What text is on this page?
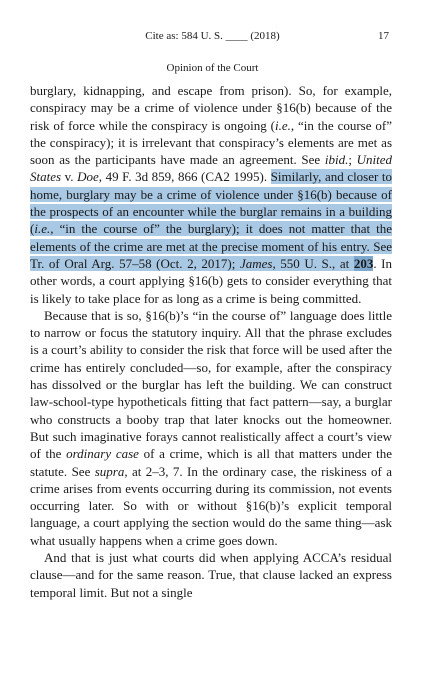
Cite as: 584 U. S. ____ (2018)	17
Opinion of the Court

burglary, kidnapping, and escape from prison). So, for example, conspiracy may be a crime of violence under §16(b) because of the risk of force while the conspiracy is ongoing (i.e., “in the course of” the conspiracy); it is irrelevant that conspiracy’s elements are met as soon as the participants have made an agreement. See ibid.; United States v. Doe, 49 F. 3d 859, 866 (CA2 1995). Similarly, and closer to home, burglary may be a crime of violence under §16(b) because of the prospects of an encounter while the burglar remains in a building (i.e., “in the course of” the burglary); it does not matter that the elements of the crime are met at the precise moment of his entry. See Tr. of Oral Arg. 57–58 (Oct. 2, 2017); James, 550 U. S., at 203. In other words, a court applying §16(b) gets to consider everything that is likely to take place for as long as a crime is being committed.

Because that is so, §16(b)’s “in the course of” language does little to narrow or focus the statutory inquiry. All that the phrase excludes is a court’s ability to consider the risk that force will be used after the crime has entirely concluded—so, for example, after the conspiracy has dissolved or the burglar has left the building. We can construct law-school-type hypotheticals fitting that fact pattern—say, a burglar who constructs a booby trap that later knocks out the homeowner. But such imaginative forays cannot realistically affect a court’s view of the ordinary case of a crime, which is all that matters under the statute. See supra, at 2–3, 7. In the ordinary case, the riskiness of a crime arises from events occurring during its commission, not events occurring later. So with or without §16(b)’s explicit temporal language, a court applying the section would do the same thing—ask what usually happens when a crime goes down.

And that is just what courts did when applying ACCA’s residual clause—and for the same reason. True, that clause lacked an express temporal limit. But not a single
